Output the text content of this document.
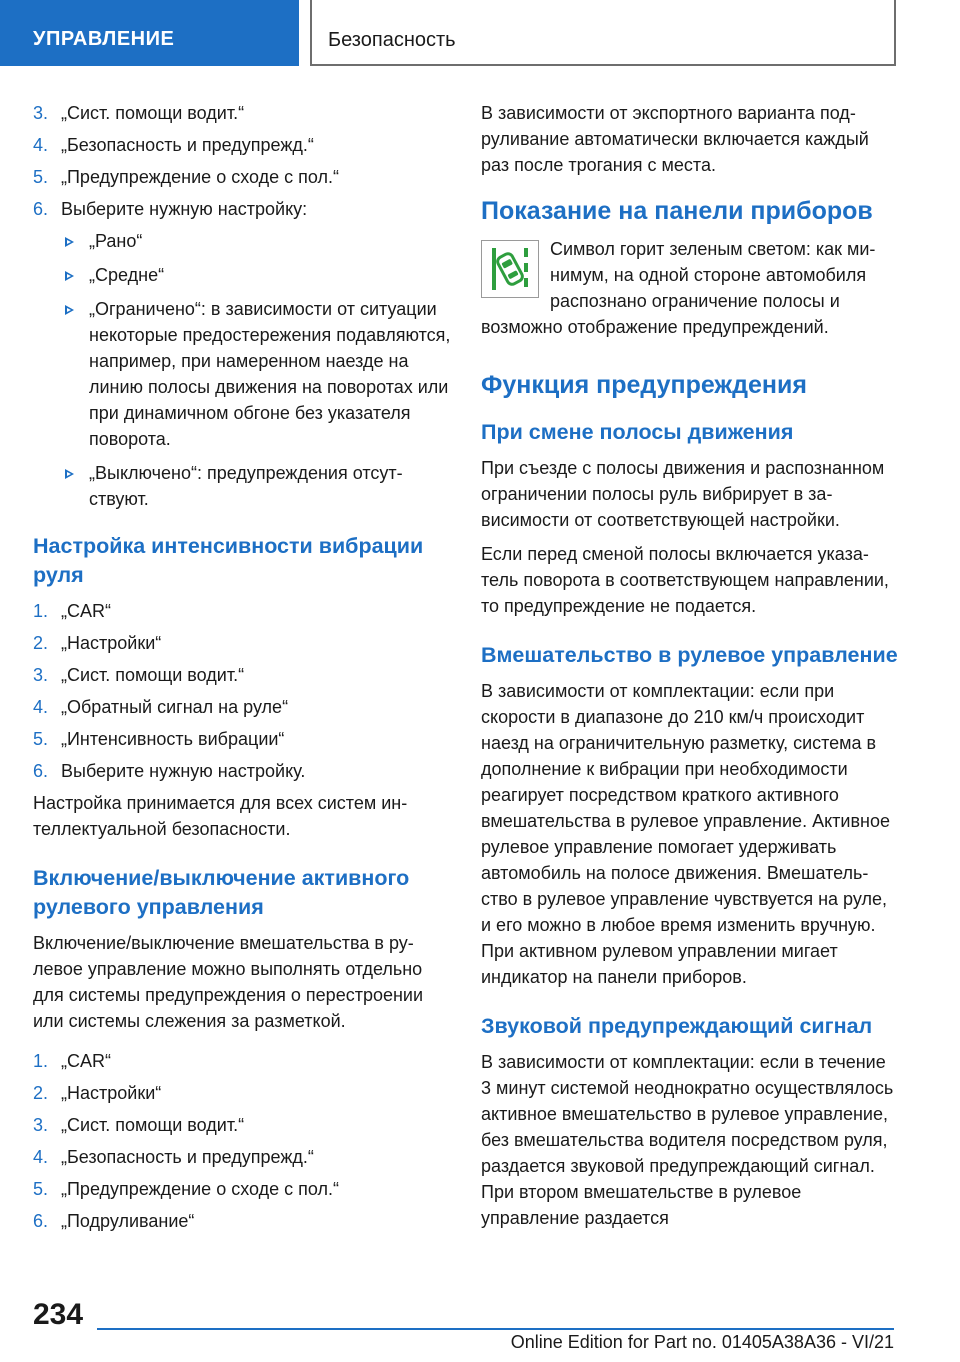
УПРАВЛЕНИЕ	Безопасность
3. „Сист. помощи водит.“
4. „Безопасность и предупрежд.“
5. „Предупреждение о сходе с пол.“
6. Выберите нужную настройку:
„Рано“
„Средне“
„Ограничено“: в зависимости от ситуации некоторые предостережения подавляются, например, при намеренном наезде на линию полосы движения на поворотах или при динамичном обгоне без указателя поворота.
„Выключено“: предупреждения отсутствуют.
Настройка интенсивности вибрации руля
1. „CAR“
2. „Настройки“
3. „Сист. помощи водит.“
4. „Обратный сигнал на руле“
5. „Интенсивность вибрации“
6. Выберите нужную настройку.

Настройка принимается для всех систем интеллектуальной безопасности.

Включение/выключение активного рулевого управления

Включение/выключение вмешательства в рулевое управление можно выполнять отдельно для системы предупреждения о перестроении или системы слежения за разметкой.

1. „CAR“
2. „Настройки“
3. „Сист. помощи водит.“
4. „Безопасность и предупрежд.“
5. „Предупреждение о сходе с пол.“
6. „Подруливание“

В зависимости от экспортного варианта подруливание автоматически включается каждый раз после трогания с места.

Показание на панели приборов

Символ горит зеленым светом: как минимум, на одной стороне автомобиля распознано ограничение полосы и возможно отображение предупреждений.

Функция предупреждения
При смене полосы движения

При съезде с полосы движения и распознанном ограничении полосы руль вибрирует в зависимости от соответствующей настройки.

Если перед сменой полосы включается указатель поворота в соответствующем направлении, то предупреждение не подается.

Вмешательство в рулевое управление

В зависимости от комплектации: если при скорости в диапазоне до 210 км/ч происходит наезд на ограничительную разметку, система в дополнение к вибрации при необходимости реагирует посредством краткого активного вмешательства в рулевое управление. Активное рулевое управление помогает удерживать автомобиль на полосе движения. Вмешательство в рулевое управление чувствуется на руле, и его можно в любое время изменить вручную. При активном рулевом управлении мигает индикатор на панели приборов.

Звуковой предупреждающий сигнал

В зависимости от комплектации: если в течение 3 минут системой неоднократно осуществлялось активное вмешательство в рулевое управление, без вмешательства водителя посредством руля, раздается звуковой предупреждающий сигнал. При втором вмешательстве в рулевое управление раздается

234
Online Edition for Part no. 01405A38A36 - VI/21
